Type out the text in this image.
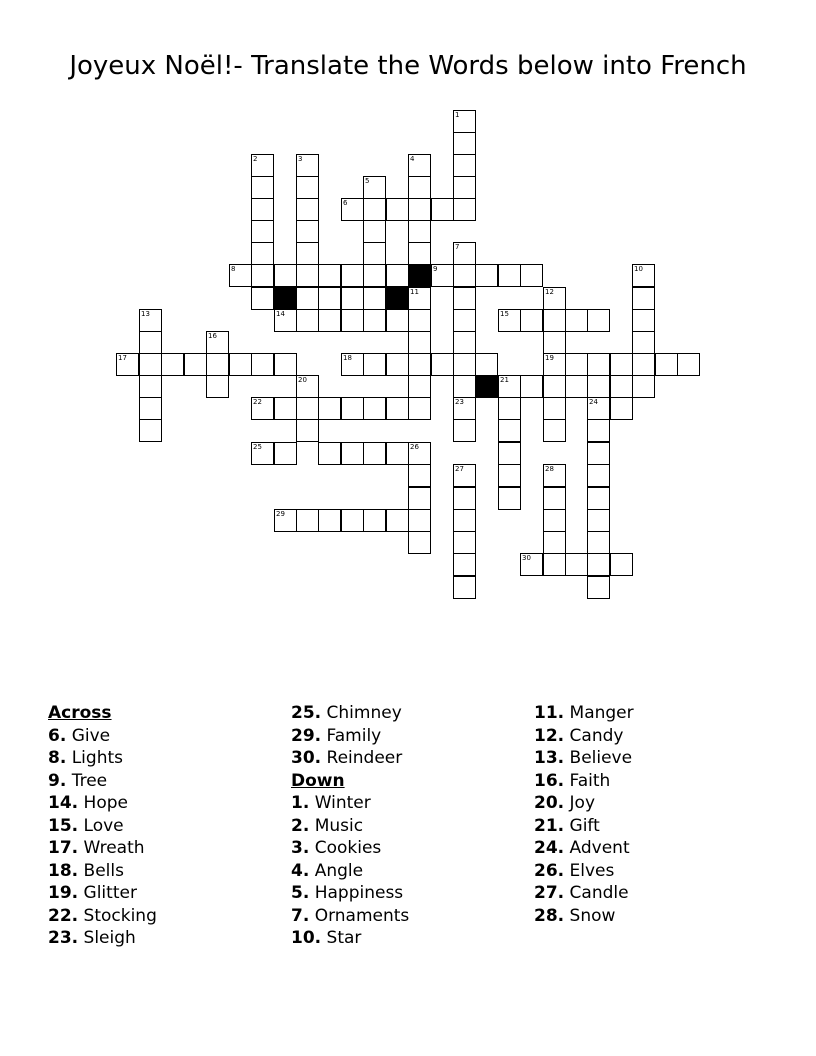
Joyeux Noël!- Translate the Words below into French
1
2	3	4
5
6
7
8	9	10
11	12
13	14	15
16
17	18	19
20	21
22	23	24
25	26
27	28
29
30
Across
6. Give
8. Lights
9. Tree
14. Hope
15. Love
17. Wreath
18. Bells
19. Glitter
22. Stocking
23. Sleigh
25. Chimney
29. Family
30. Reindeer
Down
1. Winter
2. Music
3. Cookies
4. Angle
5. Happiness
7. Ornaments
10. Star
11. Manger
12. Candy
13. Believe
16. Faith
20. Joy
21. Gift
24. Advent
26. Elves
27. Candle
28. Snow
